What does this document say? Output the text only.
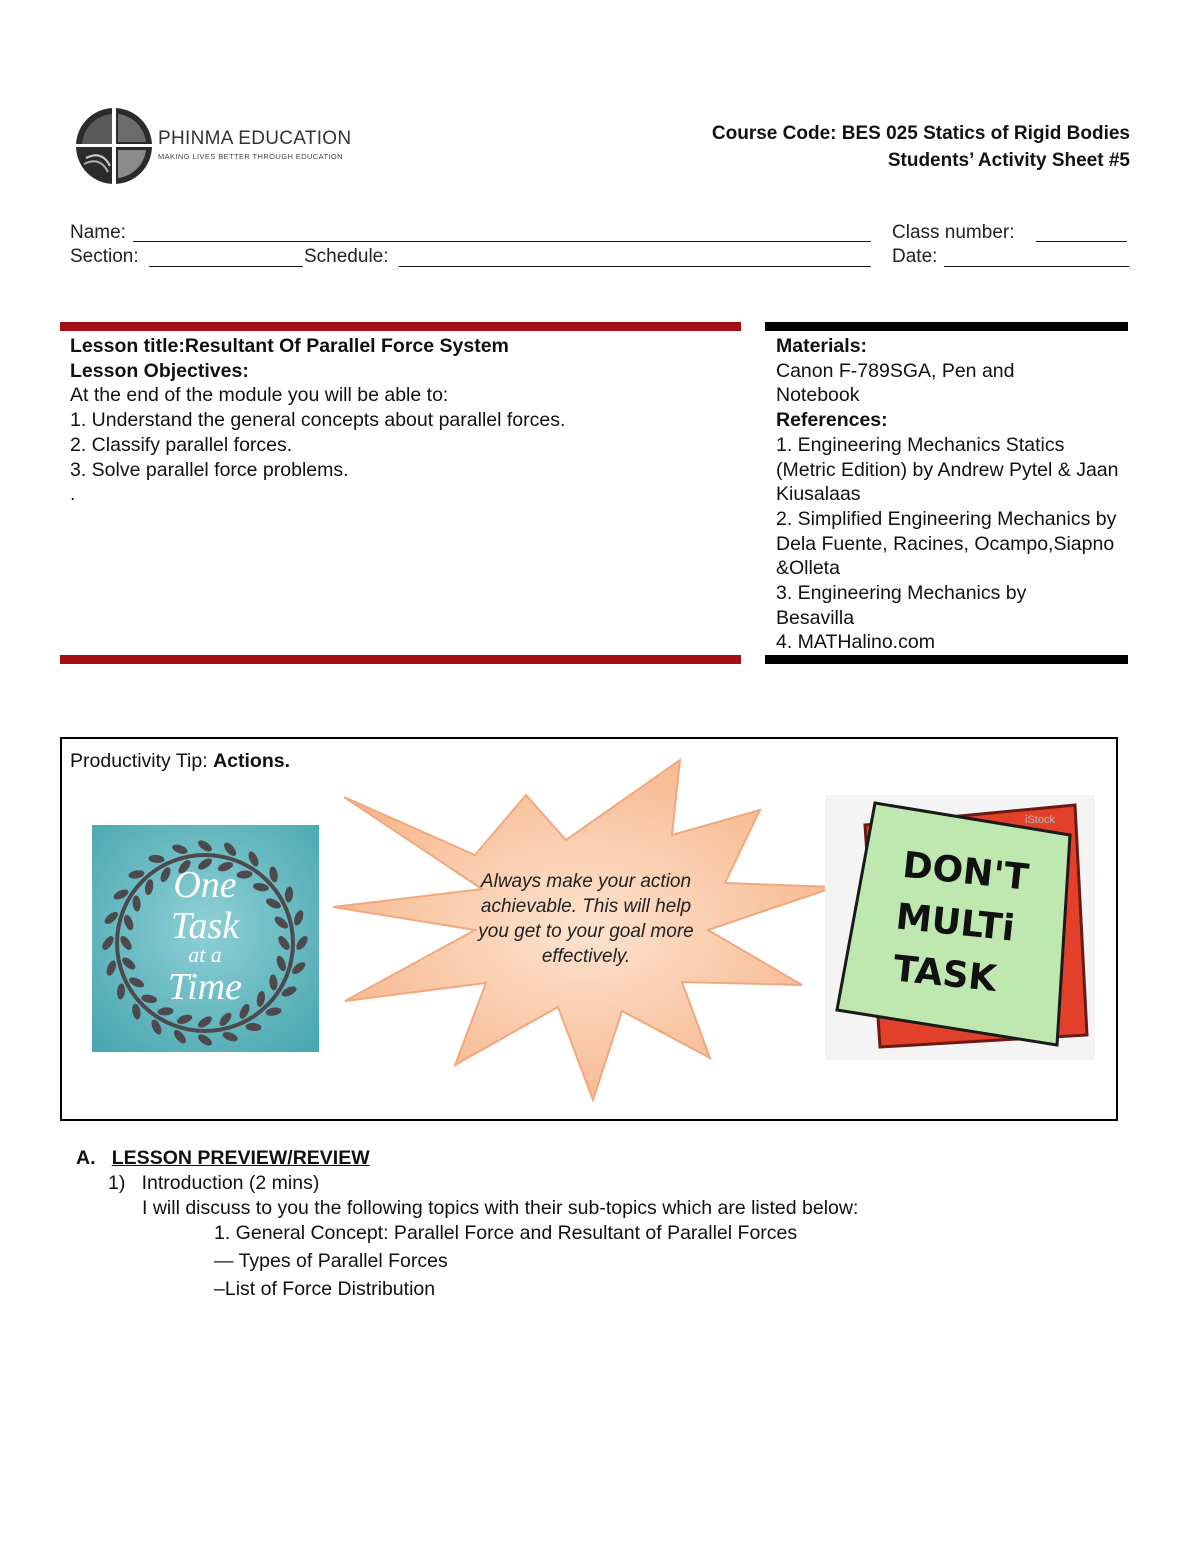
PHINMA EDUCATION
MAKING LIVES BETTER THROUGH EDUCATION
Course Code: BES 025 Statics of Rigid Bodies
Students’ Activity Sheet #5
Name:	Class number:
Section:	Schedule:	Date:
Lesson title:Resultant Of Parallel Force System
Lesson Objectives:
At the end of the module you will be able to:
1. Understand the general concepts about parallel forces.
2. Classify parallel forces.
3. Solve parallel force problems.
.
Materials:
Canon F-789SGA, Pen and Notebook
References:
1. Engineering Mechanics Statics (Metric Edition) by Andrew Pytel & Jaan Kiusalaas
2. Simplified Engineering Mechanics by Dela Fuente, Racines, Ocampo,Siapno &Olleta
3. Engineering Mechanics by Besavilla
4. MATHalino.com
Productivity Tip: Actions.
One
Task
at a
Time
Always make your action
achievable. This will help
you get to your goal more
effectively.
DON'T
MULTi
TASK
iStock
A. LESSON PREVIEW/REVIEW
1) Introduction (2 mins)
I will discuss to you the following topics with their sub-topics which are listed below:
1. General Concept: Parallel Force and Resultant of Parallel Forces
— Types of Parallel Forces
–List of Force Distribution
